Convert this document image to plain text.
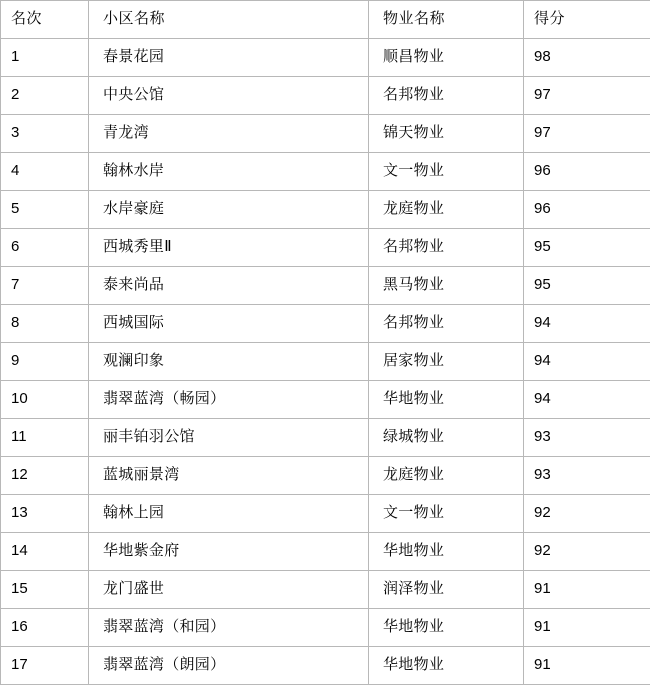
名次	小区名称	物业名称	得分
1	春景花园	顺昌物业	98
2	中央公馆	名邦物业	97
3	青龙湾	锦天物业	97
4	翰林水岸	文一物业	96
5	水岸豪庭	龙庭物业	96
6	西城秀里Ⅱ	名邦物业	95
7	泰来尚品	黑马物业	95
8	西城国际	名邦物业	94
9	观澜印象	居家物业	94
10	翡翠蓝湾（畅园）	华地物业	94
11	丽丰铂羽公馆	绿城物业	93
12	蓝城丽景湾	龙庭物业	93
13	翰林上园	文一物业	92
14	华地紫金府	华地物业	92
15	龙门盛世	润泽物业	91
16	翡翠蓝湾（和园）	华地物业	91
17	翡翠蓝湾（朗园）	华地物业	91
